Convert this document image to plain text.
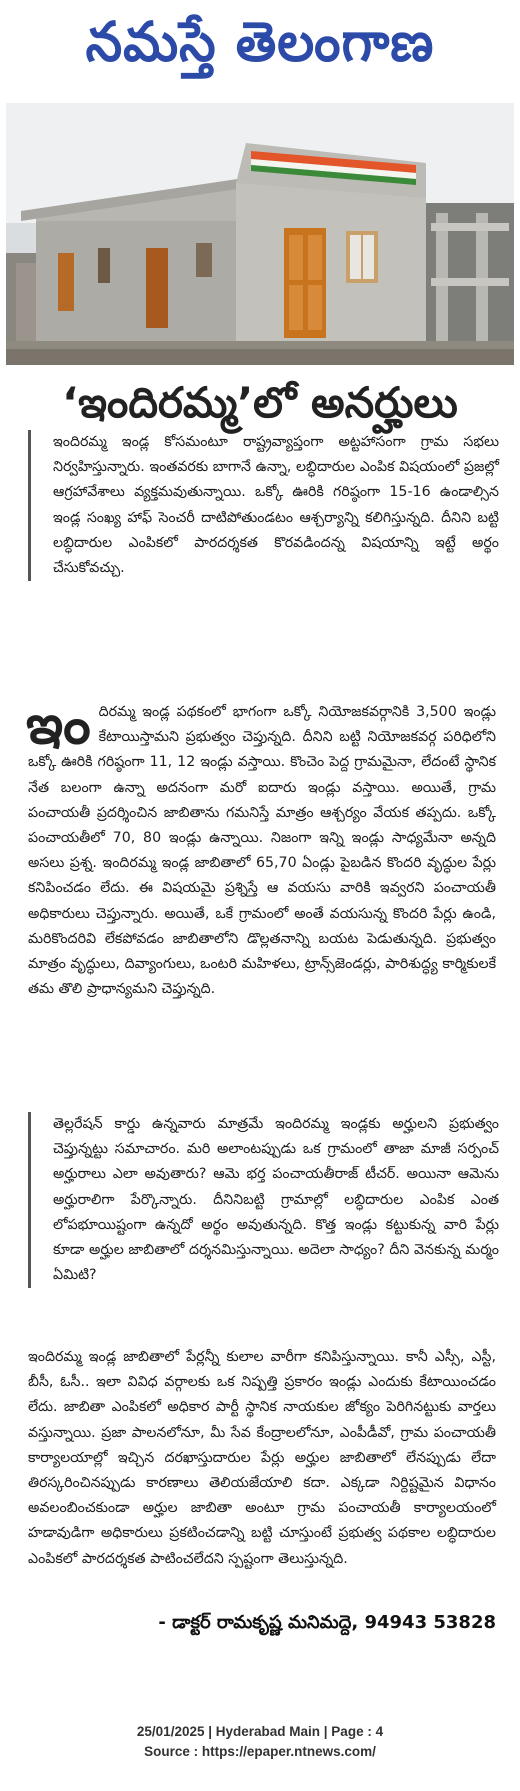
నమస్తే తెలంగాణ
‘ఇందిరమ్మ’లో అనర్హులు
ఇందిరమ్మ ఇండ్ల కోసమంటూ రాష్ట్రవ్యాప్తంగా అట్టహాసంగా గ్రామ సభలు నిర్వహిస్తున్నారు. ఇంతవరకు బాగానే ఉన్నా, లబ్ధిదారుల ఎంపిక విషయంలో ప్రజల్లో ఆగ్రహావేశాలు వ్యక్తమవుతున్నాయి. ఒక్కో ఊరికి గరిష్ఠంగా 15-16 ఉండాల్సిన ఇండ్ల సంఖ్య హాఫ్ సెంచరీ దాటిపోతుండటం ఆశ్చర్యాన్ని కలిగిస్తున్నది. దీనిని బట్టి లబ్ధిదారుల ఎంపికలో పారదర్శకత కొరవడిందన్న విషయాన్ని ఇట్టే అర్థం చేసుకోవచ్చు.
ఇందిరమ్మ ఇండ్ల పథకంలో భాగంగా ఒక్కో నియోజకవర్గానికి 3,500 ఇండ్లు కేటాయిస్తామని ప్రభుత్వం చెప్తున్నది. దీనిని బట్టి నియోజకవర్గ పరిధిలోని ఒక్కో ఊరికి గరిష్ఠంగా 11, 12 ఇండ్లు వస్తాయి. కొంచెం పెద్ద గ్రామమైనా, లేదంటే స్థానిక నేత బలంగా ఉన్నా అదనంగా మరో ఐదారు ఇండ్లు వస్తాయి. అయితే, గ్రామ పంచాయతీ ప్రదర్శించిన జాబితాను గమనిస్తే మాత్రం ఆశ్చర్యం వేయక తప్పదు. ఒక్కో పంచాయతీలో 70, 80 ఇండ్లు ఉన్నాయి. నిజంగా ఇన్ని ఇండ్లు సాధ్యమేనా అన్నది అసలు ప్రశ్న. ఇందిరమ్మ ఇండ్ల జాబితాలో 65,70 ఏండ్లు పైబడిన కొందరి వృద్ధుల పేర్లు కనిపించడం లేదు. ఈ విషయమై ప్రశ్నిస్తే ఆ వయసు వారికి ఇవ్వరని పంచాయతీ అధికారులు చెప్తున్నారు. అయితే, ఒకే గ్రామంలో అంతే వయసున్న కొందరి పేర్లు ఉండి, మరికొందరివి లేకపోవడం జాబితాలోని డొల్లతనాన్ని బయట పెడుతున్నది. ప్రభుత్వం మాత్రం వృద్ధులు, దివ్యాంగులు, ఒంటరి మహిళలు, ట్రాన్స్‌జెండర్లు, పారిశుద్ధ్య కార్మికులకే తమ తొలి ప్రాధాన్యమని చెప్తున్నది.
తెల్లరేషన్ కార్డు ఉన్నవారు మాత్రమే ఇందిరమ్మ ఇండ్లకు అర్హులని ప్రభుత్వం చెప్తున్నట్టు సమాచారం. మరి అలాంటప్పుడు ఒక గ్రామంలో తాజా మాజీ సర్పంచ్ అర్హురాలు ఎలా అవుతారు? ఆమె భర్త పంచాయతీరాజ్ టీచర్. అయినా ఆమెను అర్హురాలిగా పేర్కొన్నారు. దీనినిబట్టి గ్రామాల్లో లబ్ధిదారుల ఎంపిక ఎంత లోపభూయిష్టంగా ఉన్నదో అర్థం అవుతున్నది. కొత్త ఇండ్లు కట్టుకున్న వారి పేర్లు కూడా అర్హుల జాబితాలో దర్శనమిస్తున్నాయి. అదెలా సాధ్యం? దీని వెనకున్న మర్మం ఏమిటి?
ఇందిరమ్మ ఇండ్ల జాబితాలో పేర్లన్నీ కులాల వారీగా కనిపిస్తున్నాయి. కానీ ఎస్సీ, ఎస్టీ, బీసీ, ఓసీ.. ఇలా వివిధ వర్గాలకు ఒక నిష్పత్తి ప్రకారం ఇండ్లు ఎందుకు కేటాయించడం లేదు. జాబితా ఎంపికలో అధికార పార్టీ స్థానిక నాయకుల జోక్యం పెరిగినట్టుకు వార్తలు వస్తున్నాయి. ప్రజా పాలనలోనూ, మీ సేవ కేంద్రాలలోనూ, ఎంపీడీవో, గ్రామ పంచాయతీ కార్యాలయాల్లో ఇచ్చిన దరఖాస్తుదారుల పేర్లు అర్హుల జాబితాలో లేనప్పుడు లేదా తిరస్కరించినప్పుడు కారణాలు తెలియజేయాలి కదా. ఎక్కడా నిర్దిష్టమైన విధానం అవలంబించకుండా అర్హుల జాబితా అంటూ గ్రామ పంచాయతీ కార్యాలయంలో హడావుడిగా అధికారులు ప్రకటించడాన్ని బట్టి చూస్తుంటే ప్రభుత్వ పథకాల లబ్ధిదారుల ఎంపికలో పారదర్శకత పాటించలేదని స్పష్టంగా తెలుస్తున్నది.
- డాక్టర్ రామకృష్ణ మనిమద్దె, 94943 53828
25/01/2025 | Hyderabad Main | Page : 4
Source : https://epaper.ntnews.com/
